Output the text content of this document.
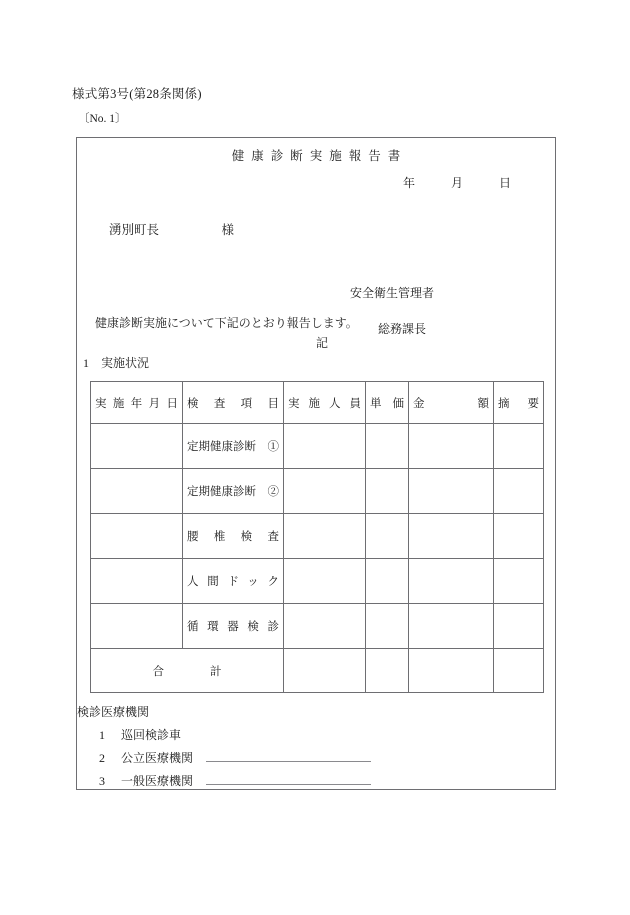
様式第3号(第28条関係)
〔No. 1〕
健康診断実施報告書
年　　　月　　　日
湧別町長　　　　　様

安全衛生管理者

総務課長

健康診断実施について下記のとおり報告します。
記
1　実施状況
実施年月日	検査項目	実施人員	単価	金額	摘要

	定期健康診断　①				
	定期健康診断　②				

	腰椎検査				

	人間ドック				

	循環器検診				

合　　　　計					

検診医療機関
1	巡回検診車
2	公立医療機関
3	一般医療機関
